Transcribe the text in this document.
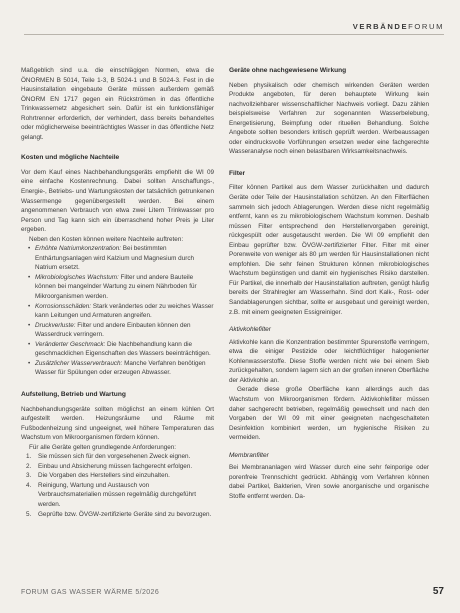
VERBÄNDEFORUM

Maßgeblich sind u.a. die einschlägigen Normen, etwa die ÖNORMEN B 5014, Teile 1-3, B 5024-1 und B 5024-3. Fest in die Hausinstallation eingebaute Geräte müssen außerdem gemäß ÖNORM EN 1717 gegen ein Rückströmen in das öffentliche Trinkwassernetz abgesichert sein. Dafür ist ein funktionsfähiger Rohrtrenner erforderlich, der verhindert, dass bereits behandeltes oder möglicherweise beeinträchtigtes Wasser in das öffentliche Netz gelangt.

Kosten und mögliche Nachteile

Vor dem Kauf eines Nachbehandlungsgeräts empfiehlt die WI 09 eine einfache Kostenrechnung. Dabei sollten Anschaffungs-, Energie-, Betriebs- und Wartungskosten der tatsächlich getrunkenen Wassermenge gegenübergestellt werden. Bei einem angenommenen Verbrauch von etwa zwei Litern Trinkwasser pro Person und Tag kann sich ein überraschend hoher Preis je Liter ergeben.

Neben den Kosten können weitere Nachteile auftreten:

• Erhöhte Natriumkonzentration: Bei bestimmten Enthärtungsanlagen wird Kalzium und Magnesium durch Natrium ersetzt.
• Mikrobiologisches Wachstum: Filter und andere Bauteile können bei mangelnder Wartung zu einem Nährboden für Mikroorganismen werden.
• Korrosionsschäden: Stark verändertes oder zu weiches Wasser kann Leitungen und Armaturen angreifen.
• Druckverluste: Filter und andere Einbauten können den Wasserdruck verringern.
• Veränderter Geschmack: Die Nachbehandlung kann die geschmacklichen Eigenschaften des Wassers beeinträchtigen.
• Zusätzlicher Wasserverbrauch: Manche Verfahren benötigen Wasser für Spülungen oder erzeugen Abwasser.
Aufstellung, Betrieb und Wartung

Nachbehandlungsgeräte sollten möglichst an einem kühlen Ort aufgestellt werden. Heizungsräume und Räume mit Fußbodenheizung sind ungeeignet, weil höhere Temperaturen das Wachstum von Mikroorganismen fördern können.

Für alle Geräte gelten grundlegende Anforderungen:

1. Sie müssen sich für den vorgesehenen Zweck eignen.
2. Einbau und Absicherung müssen fachgerecht erfolgen.
3. Die Vorgaben des Herstellers sind einzuhalten.
4. Reinigung, Wartung und Austausch von Verbrauchsmaterialien müssen regelmäßig durchgeführt werden.
5. Geprüfte bzw. ÖVGW-zertifizierte Geräte sind zu bevorzugen.
Geräte ohne nachgewiesene Wirkung

Neben physikalisch oder chemisch wirkenden Geräten werden Produkte angeboten, für deren behauptete Wirkung kein nachvollziehbarer wissenschaftlicher Nachweis vorliegt. Dazu zählen beispielsweise Verfahren zur sogenannten Wasserbelebung, Energetisierung, Beimpfung oder rituellen Behandlung. Solche Angebote sollten besonders kritisch geprüft werden. Werbeaussagen oder eindrucksvolle Vorführungen ersetzen weder eine fachgerechte Wasseranalyse noch einen belastbaren Wirksamkeitsnachweis.

Filter

Filter können Partikel aus dem Wasser zurückhalten und dadurch Geräte oder Teile der Hausinstallation schützen. An den Filterflächen sammeln sich jedoch Ablagerungen. Werden diese nicht regelmäßig entfernt, kann es zu mikrobiologischem Wachstum kommen. Deshalb müssen Filter entsprechend den Herstellervorgaben gereinigt, rückgespült oder ausgetauscht werden. Die WI 09 empfiehlt den Einbau geprüfter bzw. ÖVGW-zertifizierter Filter. Filter mit einer Porenweite von weniger als 80 µm werden für Hausinstallationen nicht empfohlen. Die sehr feinen Strukturen können mikrobiologisches Wachstum begünstigen und damit ein hygienisches Risiko darstellen. Für Partikel, die innerhalb der Hausinstallation auftreten, genügt häufig bereits der Strahlregler am Wasserhahn. Sind dort Kalk-, Rost- oder Sandablagerungen sichtbar, sollte er ausgebaut und gereinigt werden, z.B. mit einem geeigneten Essigreiniger.

Aktivkohlefilter

Aktivkohle kann die Konzentration bestimmter Spurenstoffe verringern, etwa die einiger Pestizide oder leichtflüchtiger halogenierter Kohlenwasserstoffe. Diese Stoffe werden nicht wie bei einem Sieb zurückgehalten, sondern lagern sich an der großen inneren Oberfläche der Aktivkohle an.

Gerade diese große Oberfläche kann allerdings auch das Wachstum von Mikroorganismen fördern. Aktivkohlefilter müssen daher sachgerecht betrieben, regelmäßig gewechselt und nach den Vorgaben der WI 09 mit einer geeigneten nachgeschalteten Desinfektion kombiniert werden, um hygienische Risiken zu vermeiden.

Membranfilter

Bei Membrananlagen wird Wasser durch eine sehr feinporige oder porenfreie Trennschicht gedrückt. Abhängig vom Verfahren können dabei Partikel, Bakterien, Viren sowie anorganische und organische Stoffe entfernt werden. Da-

FORUM GAS WASSER WÄRME 5/2026	57
